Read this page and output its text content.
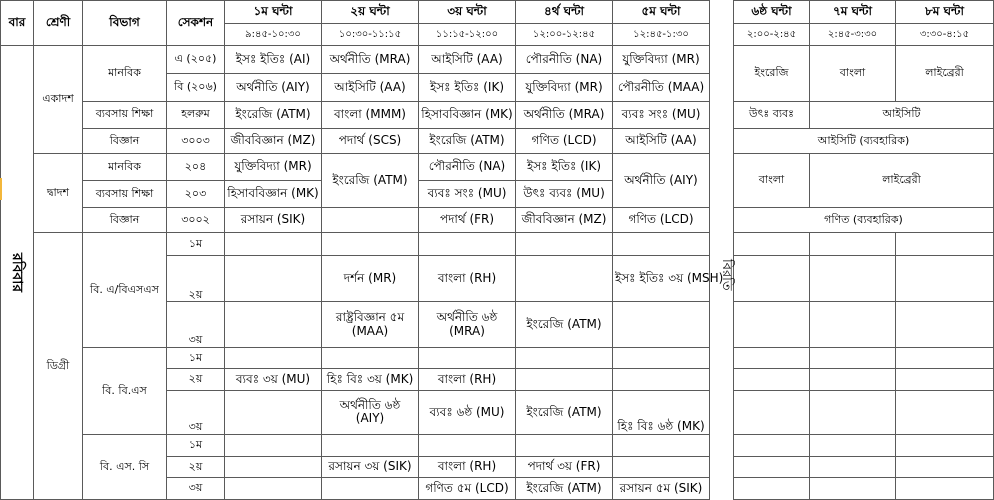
বার	শ্রেণী	বিভাগ	সেকশন	১ম ঘন্টা	২য় ঘন্টা	৩য় ঘন্টা	৪র্থ ঘন্টা	৫ম ঘন্টা		৬ষ্ঠ ঘন্টা	৭ম ঘন্টা	৮ম ঘন্টা
				৯:৪৫-১০:৩০	১০:৩০-১১:১৫	১১:১৫-১২:০০	১২:০০-১২:৪৫	১২:৪৫-১:৩০		২:০০-২:৪৫	২:৪৫-৩:৩০	৩:৩০-৪:১৫
রবিবার	একাদশ	মানবিক	এ (২০৫)	ইসঃ ইতিঃ (AI)	অর্থনীতি (MRA)	আইসিটি (AA)	পৌরনীতি (NA)	যুক্তিবিদ্যা (MR)	বিরতি	ইংরেজি	বাংলা	লাইব্রেরী
			বি (২০৬)	অর্থনীতি (AIY)	আইসিটি (AA)	ইসঃ ইতিঃ (IK)	যুক্তিবিদ্যা (MR)	পৌরনীতি (MAA)				
		ব্যবসায় শিক্ষা	হলরুম	ইংরেজি (ATM)	বাংলা (MMM)	হিসাববিজ্ঞান (MK)	অর্থনীতি (MRA)	ব্যবঃ সংঃ (MU)		উৎঃ ব্যবঃ	আইসিটি	
		বিজ্ঞান	৩০০৩	জীববিজ্ঞান (MZ)	পদার্থ (SCS)	ইংরেজি (ATM)	গণিত (LCD)	আইসিটি (AA)		আইসিটি (ব্যবহারিক)		
	দ্বাদশ	মানবিক	২০৪	যুক্তিবিদ্যা (MR)	ইংরেজি (ATM)	পৌরনীতি (NA)	ইসঃ ইতিঃ (IK)	অর্থনীতি (AIY)		বাংলা	লাইব্রেরী	
		ব্যবসায় শিক্ষা	২০৩	হিসাববিজ্ঞান (MK)		ব্যবঃ সংঃ (MU)	উৎঃ ব্যবঃ (MU)					
		বিজ্ঞান	৩০০২	রসায়ন (SIK)		পদার্থ (FR)	জীববিজ্ঞান (MZ)	গণিত (LCD)		গণিত (ব্যবহারিক)		
	ডিগ্রী	বি. এ/বিএসএস	১ম									
			২য়		দর্শন (MR)	বাংলা (RH)		ইসঃ ইতিঃ ৩য় (MSH)				

			৩য়		রাষ্ট্রবিজ্ঞান ৫ম (MAA)	অর্থনীতি ৬ষ্ঠ (MRA)	ইংরেজি (ATM)					
		বি. বি.এস	১ম									
			২য়	ব্যবঃ ৩য় (MU)	হিঃ বিঃ ৩য় (MK)	বাংলা (RH)						
			৩য়		অর্থনীতি ৬ষ্ঠ (AIY)	ব্যবঃ ৬ষ্ঠ (MU)	ইংরেজি (ATM)	হিঃ বিঃ ৬ষ্ঠ (MK)				
		বি. এস. সি	১ম									
			২য়		রসায়ন ৩য় (SIK)	বাংলা (RH)	পদার্থ ৩য় (FR)					
			৩য়			গণিত ৫ম (LCD)	ইংরেজি (ATM)	রসায়ন ৫ম (SIK)				
